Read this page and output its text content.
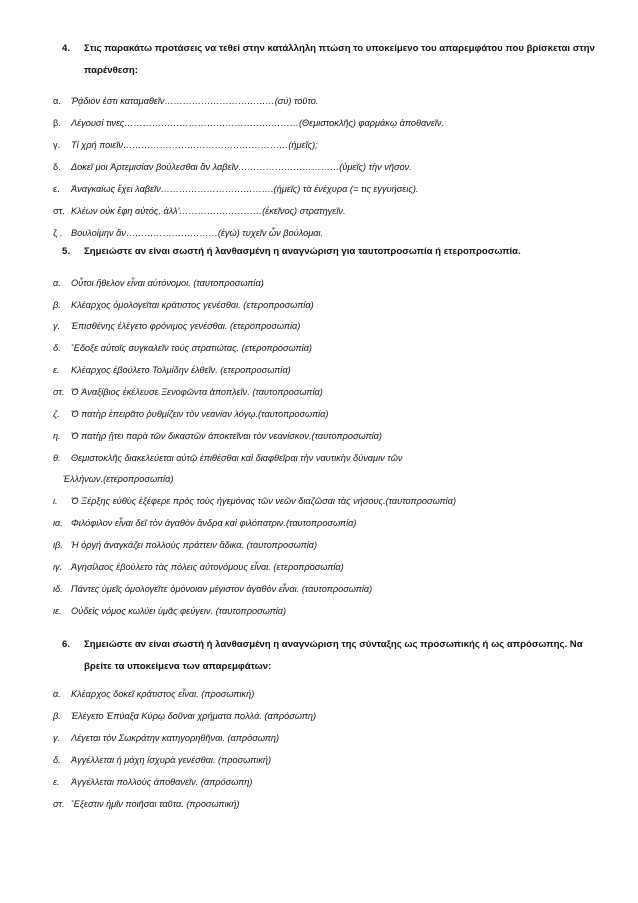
4. Στις παρακάτω προτάσεις να τεθεί στην κατάλληλη πτώση το υποκείμενο του απαρεμφάτου που βρίσκεται στην παρένθεση:
α. Ῥᾴδιόν ἐστι καταμαθεῖν………………………………(σύ) τοῦτο.
β. Λέγουσί τινες…………………………………………………(Θεμιστοκλῆς) φαρμάκῳ ἀποθανεῖν.
γ. Τί χρή ποιεῖν………………………………………………(ἡμεῖς);
δ. Δοκεῖ μοι Ἀρτεμισίαν βούλεσθαι ἂν λαβεῖν……………………………(ὑμεῖς) τὴν νῆσον.
ε. Ἀναγκαίως ἔχει λαβεῖν……………………………….(ἡμεῖς) τὰ ἐνέχυρα (= τις εγγυήσεις).
στ. Κλέων οὐκ ἔφη αὐτός, ἀλλ'………………………(ἐκεῖνος) στρατηγεῖν.
ζ . Βουλοίμην ἄν…………………………(ἐγώ) τυχεῖν ὧν βούλομαι.
5. Σημειώστε αν είναι σωστή ή λανθασμένη η αναγνώριση για ταυτοπροσωπία ή ετεροπροσωπία.
α. Οὗτοι ἤθελον εἶναι αὐτόνομοι. (ταυτοπροσωπία)
β. Κλέαρχος ὁμολογεῖται κράτιστος γενέσθαι. (ετεροπροσωπία)
γ. Ἐπισθένης ἐλέγετο φρόνιμος γενέσθαι. (ετεροπροσωπία)
δ. Ἔδοξε αὐτοῖς συγκαλεῖν τούς στρατιώτας. (ετεροπροσωπία)
ε. Κλέαρχος ἐβούλετο Τολμίδην ἐλθεῖν. (ετεροπροσωπία)
στ. Ὁ Ἀναξίβιος ἐκέλευσε Ξενοφῶντα ἀποπλεῖν. (ταυτοπροσωπία)
ζ. Ὁ πατὴρ ἐπειρᾶτο ῥυθμίζειν τὸν νεανίαν λόγῳ.(ταυτοπροσωπία)
η. Ὁ πατὴρ ᾔτει παρὰ τῶν δικαστῶν ἀποκτεῖναι τὸν νεανίσκον.(ταυτοπροσωπία)
θ. Θεμιστοκλῆς διακελεύεται αὐτῷ ἐπιθέσθαι καὶ διαφθεῖραι τὴν ναυτικὴν δύναμιν τῶν
Ἑλλήνων.(ετεροπροσωπία)
ι. Ὁ Ξέρξης εὐθὺς ἐξέφερε πρὸς τοὺς ἡγεμόνας τῶν νεῶν διαζῶσαι τὰς νήσους.(ταυτοπροσωπία)
ια. Φιλόφιλον εἶναι δεῖ τὸν ἀγαθὸν ἄνδρα καὶ φιλόπατριν.(ταυτοπροσωπία)
ιβ. Ἡ ὀργή ἀναγκάζει πολλοὺς πράττειν ἄδικα. (ταυτοπροσωπία)
ιγ. Ἀγησίλαος ἐβούλετο τὰς πόλεις αὐτονόμους εἶναι. (ετεροπροσωπία)
ιδ. Πάντες ὑμεῖς ὁμολογεῖτε ὁμόνοιαν μέγιστον ἀγαθὸν εἶναι. (ταυτοπροσωπία)
ιε. Οὐδεὶς νόμος κωλύει ὑμᾶς φεύγειν. (ταυτοπροσωπία)
6. Σημειώστε αν είναι σωστή ή λανθασμένη η αναγνώριση της σύνταξης ως προσωπικής ή ως απρόσωπης. Να βρείτε τα υποκείμενα των απαρεμφάτων:
α. Κλέαρχος δοκεῖ κράτιστος εἶναι. (προσωπική)
β. Ἐλέγετο Ἐπύαξα Κύρῳ δοῦναι χρήματα πολλά. (απρόσωπη)
γ. Λέγεται τὸν Σωκράτην κατηγορηθῆναι. (απρόσωπη)
δ. Ἀγγέλλεται ἡ μάχη ἰσχυρὰ γενέσθαι. (προσωπική)
ε. Ἀγγέλλεται πολλοὺς ἀποθανεῖν. (απρόσωπη)
στ. Ἔξεστιν ἡμῖν ποιῆσαι ταῦτα. (προσωπική)
